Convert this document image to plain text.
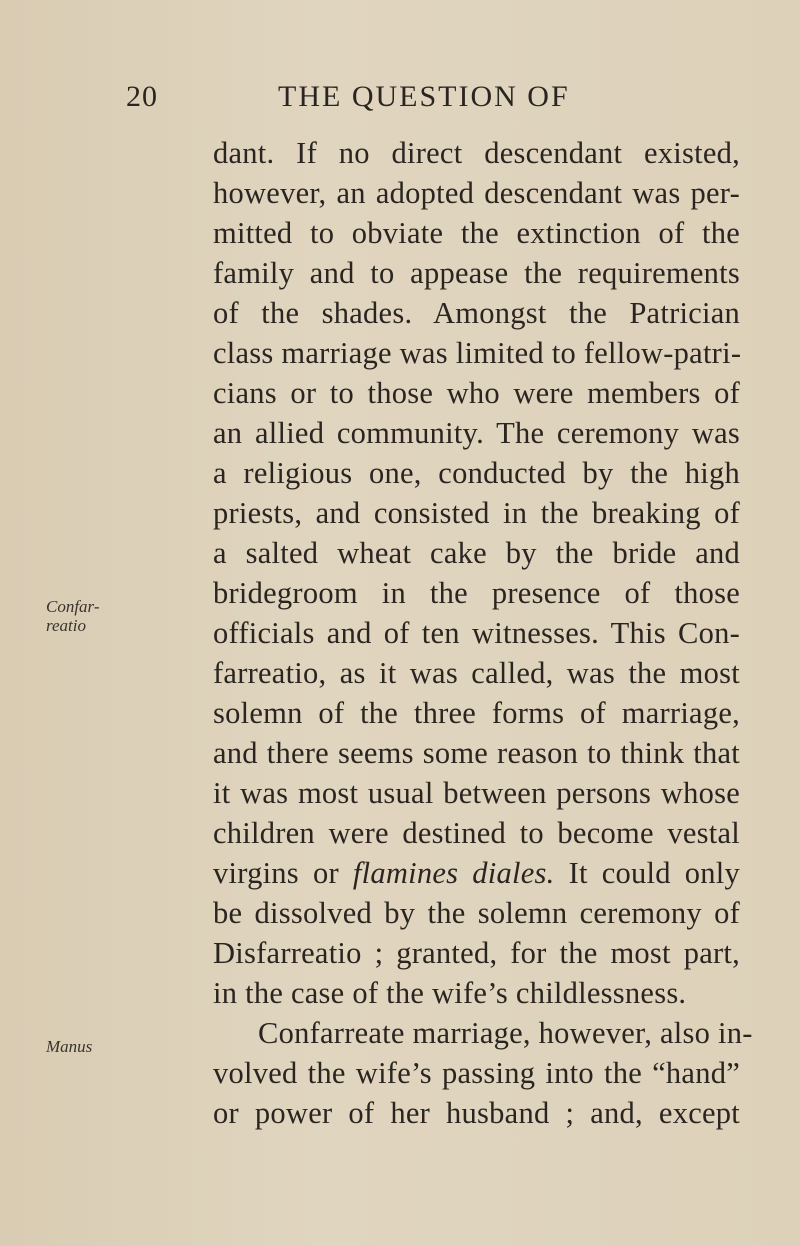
20	THE QUESTION OF
Confar-
reatio
Manus
dant. If no direct descendant existed,
however, an adopted descendant was per-
mitted to obviate the extinction of the
family and to appease the requirements
of the shades. Amongst the Patrician
class marriage was limited to fellow-patri-
cians or to those who were members of
an allied community. The ceremony was
a religious one, conducted by the high
priests, and consisted in the breaking of
a salted wheat cake by the bride and
bridegroom in the presence of those
officials and of ten witnesses. This Con-
farreatio, as it was called, was the most
solemn of the three forms of marriage,
and there seems some reason to think that
it was most usual between persons whose
children were destined to become vestal
virgins or flamines diales. It could only
be dissolved by the solemn ceremony of
Disfarreatio ; granted, for the most part,
in the case of the wife’s childlessness.
Confarreate marriage, however, also in-
volved the wife’s passing into the “hand”
or power of her husband ; and, except
